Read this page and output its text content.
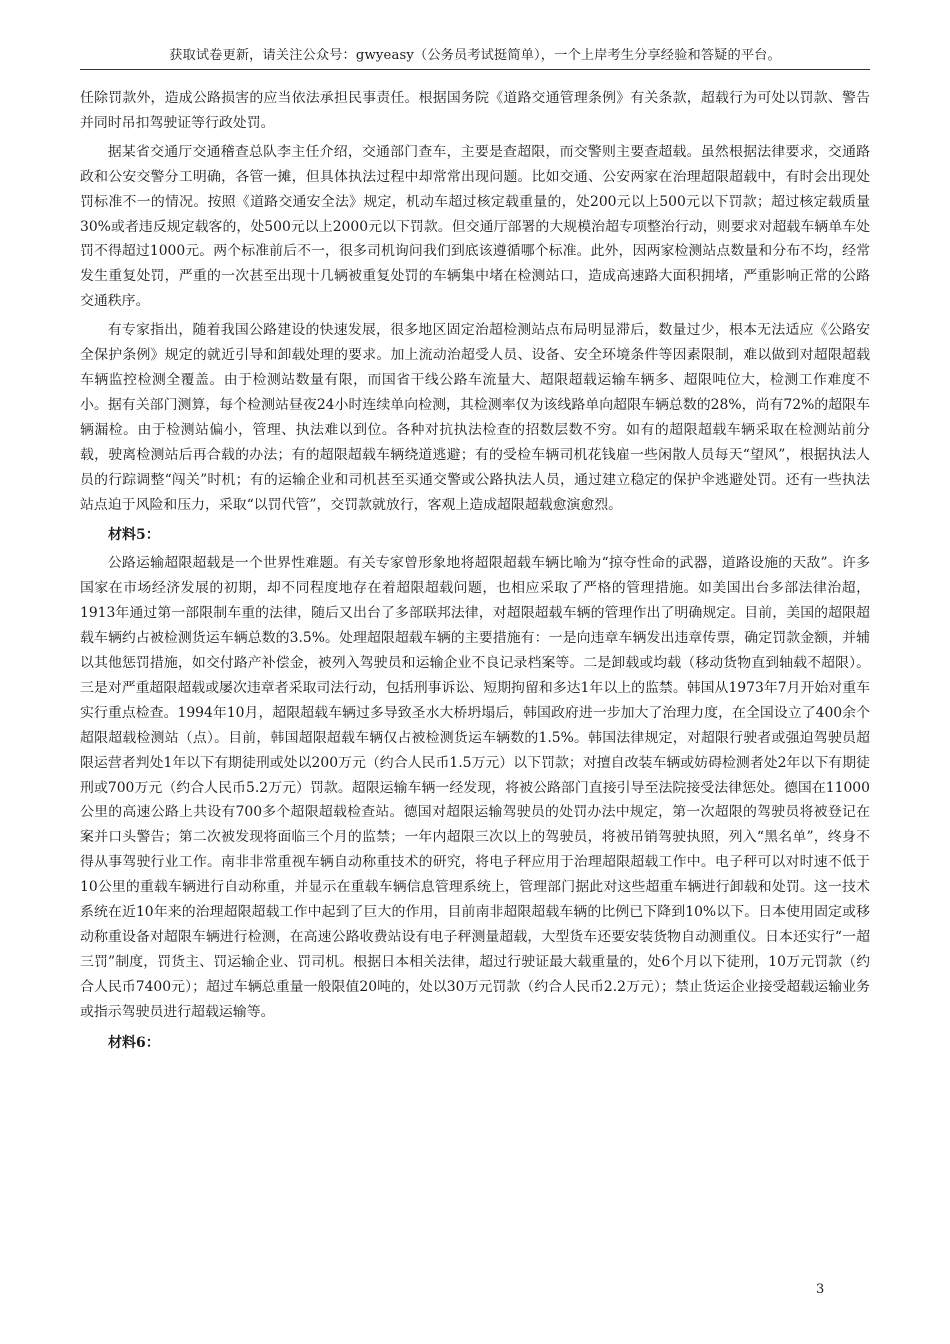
获取试卷更新，请关注公众号：gwyeasy（公务员考试挺简单），一个上岸考生分享经验和答疑的平台。

任除罚款外，造成公路损害的应当依法承担民事责任。根据国务院《道路交通管理条例》有关条款，超载行为可处以罚款、警告并同时吊扣驾驶证等行政处罚。

据某省交通厅交通稽查总队李主任介绍，交通部门查车，主要是查超限，而交警则主要查超载。虽然根据法律要求，交通路政和公安交警分工明确，各管一摊，但具体执法过程中却常常出现问题。比如交通、公安两家在治理超限超载中，有时会出现处罚标准不一的情况。按照《道路交通安全法》规定，机动车超过核定载重量的，处200元以上500元以下罚款；超过核定载质量30%或者违反规定载客的，处500元以上2000元以下罚款。但交通厅部署的大规模治超专项整治行动，则要求对超载车辆单车处罚不得超过1000元。两个标准前后不一，很多司机询问我们到底该遵循哪个标准。此外，因两家检测站点数量和分布不均，经常发生重复处罚，严重的一次甚至出现十几辆被重复处罚的车辆集中堵在检测站口，造成高速路大面积拥堵，严重影响正常的公路交通秩序。

有专家指出，随着我国公路建设的快速发展，很多地区固定治超检测站点布局明显滞后，数量过少，根本无法适应《公路安全保护条例》规定的就近引导和卸载处理的要求。加上流动治超受人员、设备、安全环境条件等因素限制，难以做到对超限超载车辆监控检测全覆盖。由于检测站数量有限，而国省干线公路车流量大、超限超载运输车辆多、超限吨位大，检测工作难度不小。据有关部门测算，每个检测站昼夜24小时连续单向检测，其检测率仅为该线路单向超限车辆总数的28%，尚有72%的超限车辆漏检。由于检测站偏小，管理、执法难以到位。各种对抗执法检查的招数层数不穷。如有的超限超载车辆采取在检测站前分载，驶离检测站后再合载的办法；有的超限超载车辆绕道逃避；有的受检车辆司机花钱雇一些闲散人员每天“望风”，根据执法人员的行踪调整“闯关”时机；有的运输企业和司机甚至买通交警或公路执法人员，通过建立稳定的保护伞逃避处罚。还有一些执法站点迫于风险和压力，采取“以罚代管”，交罚款就放行，客观上造成超限超载愈演愈烈。

材料5：

公路运输超限超载是一个世界性难题。有关专家曾形象地将超限超载车辆比喻为“掠夺性命的武器，道路设施的天敌”。许多国家在市场经济发展的初期，却不同程度地存在着超限超载问题，也相应采取了严格的管理措施。如美国出台多部法律治超，1913年通过第一部限制车重的法律，随后又出台了多部联邦法律，对超限超载车辆的管理作出了明确规定。目前，美国的超限超载车辆约占被检测货运车辆总数的3.5%。处理超限超载车辆的主要措施有：一是向违章车辆发出违章传票，确定罚款金额，并辅以其他惩罚措施，如交付路产补偿金，被列入驾驶员和运输企业不良记录档案等。二是卸载或均载（移动货物直到轴载不超限）。三是对严重超限超载或屡次违章者采取司法行动，包括刑事诉讼、短期拘留和多达1年以上的监禁。韩国从1973年7月开始对重车实行重点检查。1994年10月，超限超载车辆过多导致圣水大桥坍塌后，韩国政府进一步加大了治理力度，在全国设立了400余个超限超载检测站（点）。目前，韩国超限超载车辆仅占被检测货运车辆数的1.5%。韩国法律规定，对超限行驶者或强迫驾驶员超限运营者判处1年以下有期徒刑或处以200万元（约合人民币1.5万元）以下罚款；对擅自改装车辆或妨碍检测者处2年以下有期徒刑或700万元（约合人民币5.2万元）罚款。超限运输车辆一经发现，将被公路部门直接引导至法院接受法律惩处。德国在11000公里的高速公路上共设有700多个超限超载检查站。德国对超限运输驾驶员的处罚办法中规定，第一次超限的驾驶员将被登记在案并口头警告；第二次被发现将面临三个月的监禁；一年内超限三次以上的驾驶员，将被吊销驾驶执照，列入“黑名单”，终身不得从事驾驶行业工作。南非非常重视车辆自动称重技术的研究，将电子秤应用于治理超限超载工作中。电子秤可以对时速不低于10公里的重载车辆进行自动称重，并显示在重载车辆信息管理系统上，管理部门据此对这些超重车辆进行卸载和处罚。这一技术系统在近10年来的治理超限超载工作中起到了巨大的作用，目前南非超限超载车辆的比例已下降到10%以下。日本使用固定或移动称重设备对超限车辆进行检测，在高速公路收费站设有电子秤测量超载，大型货车还要安装货物自动测重仪。日本还实行“一超三罚”制度，罚货主、罚运输企业、罚司机。根据日本相关法律，超过行驶证最大载重量的，处6个月以下徒刑，10万元罚款（约合人民币7400元）；超过车辆总重量一般限值20吨的，处以30万元罚款（约合人民币2.2万元）；禁止货运企业接受超载运输业务或指示驾驶员进行超载运输等。

材料6：
3
